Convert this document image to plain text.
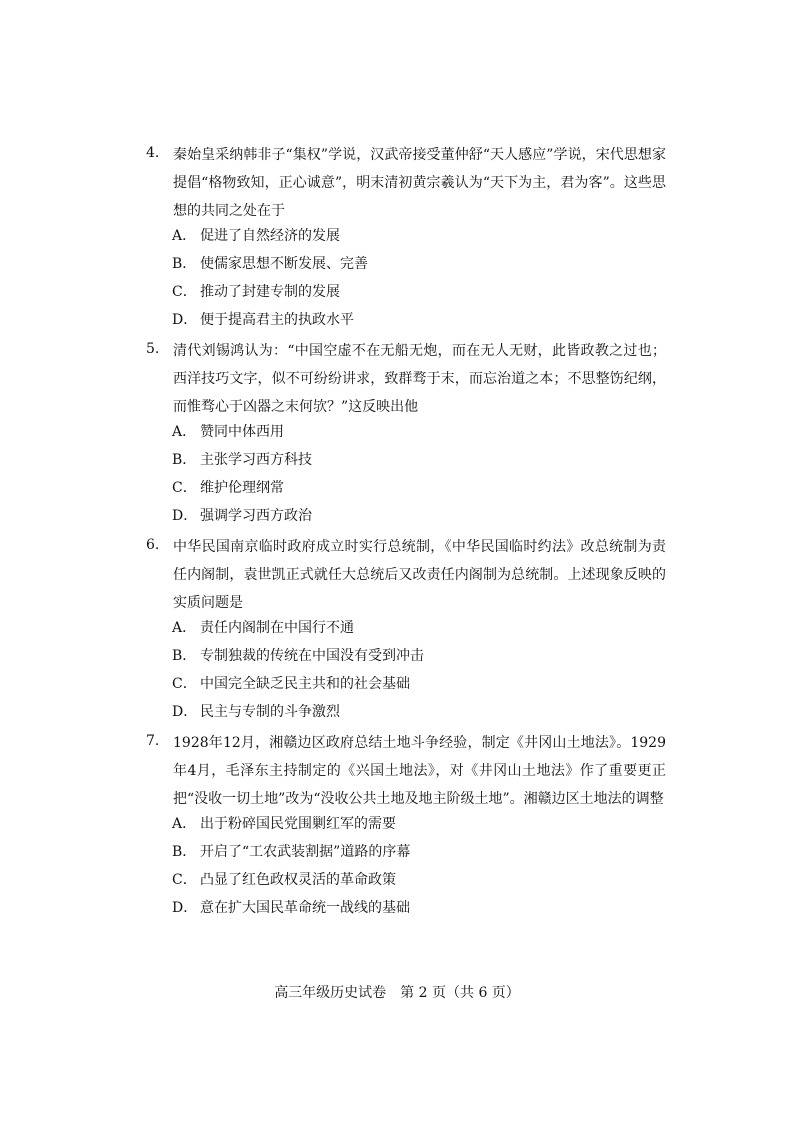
4. 秦始皇采纳韩非子“集权”学说，汉武帝接受董仲舒“天人感应”学说，宋代思想家提倡“格物致知，正心诚意”，明末清初黄宗羲认为“天下为主，君为客”。这些思想的共同之处在于
A． 促进了自然经济的发展
B． 使儒家思想不断发展、完善
C． 推动了封建专制的发展
D． 便于提高君主的执政水平
5. 清代刘锡鸿认为：“中国空虚不在无船无炮，而在无人无财，此皆政教之过也；西洋技巧文字，似不可纷纷讲求，致群骛于末，而忘治道之本；不思整饬纪纲，而惟骛心于凶器之末何欤？”这反映出他
A． 赞同中体西用
B． 主张学习西方科技
C． 维护伦理纲常
D． 强调学习西方政治
6. 中华民国南京临时政府成立时实行总统制，《中华民国临时约法》改总统制为责任内阁制，袁世凯正式就任大总统后又改责任内阁制为总统制。上述现象反映的实质问题是
A． 责任内阁制在中国行不通
B． 专制独裁的传统在中国没有受到冲击
C． 中国完全缺乏民主共和的社会基础
D． 民主与专制的斗争激烈
7. 1928年12月，湘赣边区政府总结土地斗争经验，制定《井冈山土地法》。1929年4月，毛泽东主持制定的《兴国土地法》，对《井冈山土地法》作了重要更正把“没收一切土地”改为“没收公共土地及地主阶级土地”。湘赣边区土地法的调整
A． 出于粉碎国民党围剿红军的需要
B． 开启了“工农武装割据”道路的序幕
C． 凸显了红色政权灵活的革命政策
D． 意在扩大国民革命统一战线的基础
高三年级历史试卷　第 2 页（共 6 页）
